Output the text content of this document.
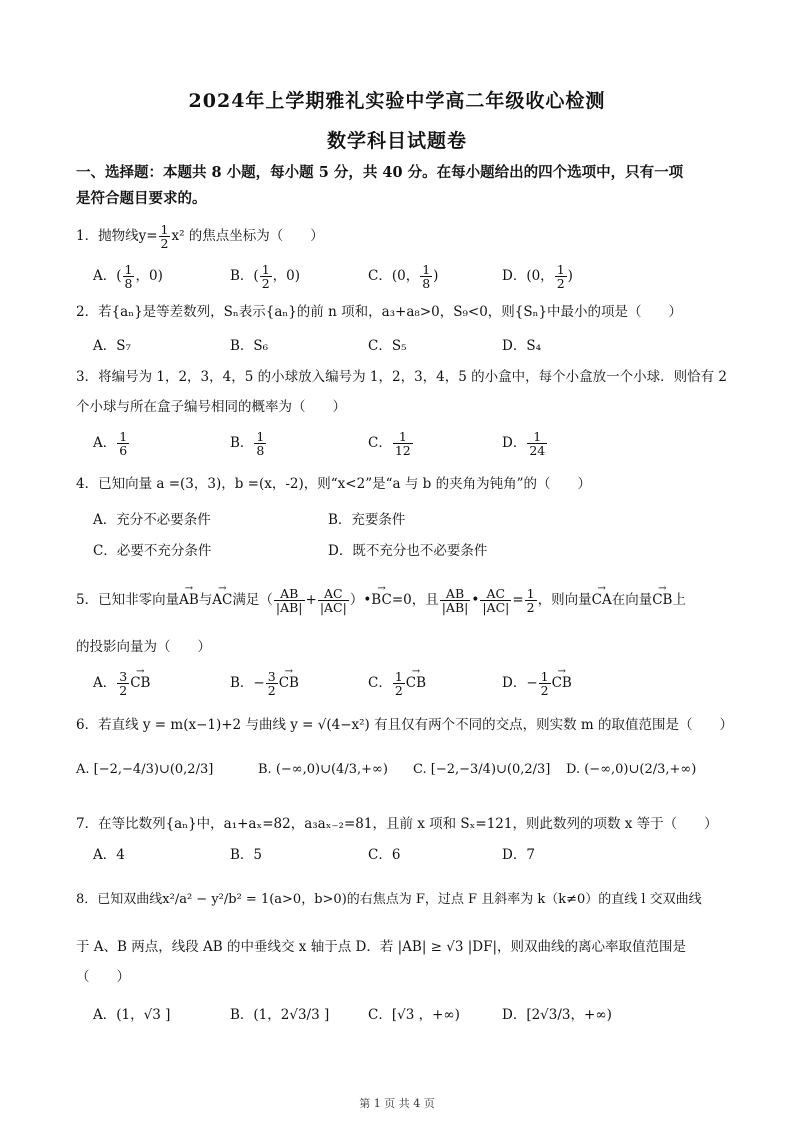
2024年上学期雅礼实验中学高二年级收心检测
数学科目试题卷
一、选择题：本题共 8 小题，每小题 5 分，共 40 分。在每小题给出的四个选项中，只有一项
是符合题目要求的。
1．抛物线$y= \frac{1}{2} x^2$ 的焦点坐标为（　　）
A．( $\frac{1}{8}$ ，0)	B．( $\frac{1}{2}$ ，0)	C．(0， $\frac{1}{8}$ )	D．(0， $\frac{1}{2}$ )
2．若{aₙ}是等差数列，Sₙ表示{aₙ}的前 n 项和，a₃+a₈>0，S₉<0，则{Sₙ}中最小的项是（　　）
A．S₇	B．S₆	C．S₅	D．S₄
3．将编号为 1，2，3，4，5 的小球放入编号为 1，2，3，4，5 的小盒中，每个小盒放一个小球．则恰有 2
个小球与所在盒子编号相同的概率为（　　）
A． $\frac{1}{6}$	B． $\frac{1}{8}$	C． $\frac{1}{12}$	D． $\frac{1}{24}$
4．已知向量 a =(3，3)，b =(x，-2)，则“x<2”是“a 与 b 的夹角为钝角”的（　　）
A．充分不必要条件	B．充要条件
C．必要不充分条件	D．既不充分也不必要条件
5．已知非零向量→ AB与→ AC满足（ $\frac{AB}{|AB|} + \frac{AC}{|AC|}$ ）•→ BC=0，且 $\frac{AB}{|AB|}$ • $\frac{AC}{|AC|} = \frac{1}{2}$ ，则向量→ CA在向量→ CB上
的投影向量为（　　）
A． $\frac{3}{2}$ → CB	B．− $\frac{3}{2}$ → CB	C． $\frac{1}{2}$ → CB	D．− $\frac{1}{2}$ → CB
6．若直线 y = m(x−1)+2 与曲线 y = √(4−x²) 有且仅有两个不同的交点，则实数 m 的取值范围是（　　）
A. [−2,−4/3)∪(0,2/3]	B. (−∞,0)∪(4/3,+∞) C. [−2,−3/4)∪(0,2/3] D. (−∞,0)∪(2/3,+∞)
7．在等比数列{aₙ}中，a₁+aₓ=82，a₃aₓ₋₂=81，且前 x 项和 Sₓ=121，则此数列的项数 x 等于（　　）
A．4	B．5	C．6	D．7
8．已知双曲线x²/a² − y²/b² = 1(a>0，b>0)的右焦点为 F，过点 F 且斜率为 k（k≠0）的直线 l 交双曲线
于 A、B 两点，线段 AB 的中垂线交 x 轴于点 D．若 |AB| ≥ √3 |DF|，则双曲线的离心率取值范围是
（　　）
A．(1，√3 ]	B．(1，2√3/3 ]	C．[√3 ，+∞)	D．[2√3/3，+∞)
第 1 页 共 4 页
